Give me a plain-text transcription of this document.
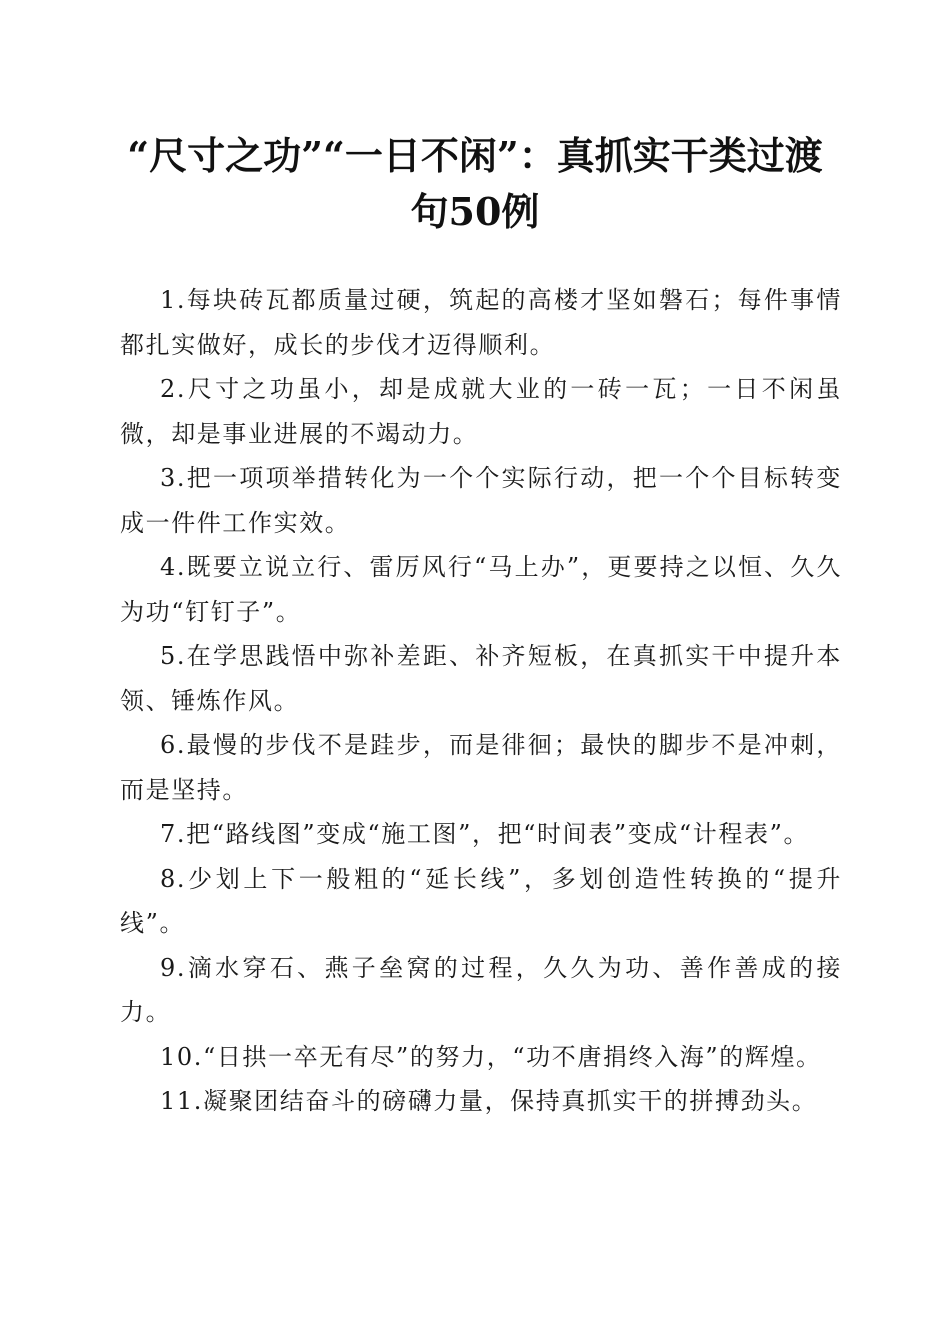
“尺寸之功”“一日不闲”：真抓实干类过渡
句50例

1.每块砖瓦都质量过硬，筑起的高楼才坚如磐石；每件事情都扎实做好，成长的步伐才迈得顺利。

2.尺寸之功虽小，却是成就大业的一砖一瓦；一日不闲虽微，却是事业进展的不竭动力。

3.把一项项举措转化为一个个实际行动，把一个个目标转变成一件件工作实效。

4.既要立说立行、雷厉风行“马上办”，更要持之以恒、久久为功“钉钉子”。

5.在学思践悟中弥补差距、补齐短板，在真抓实干中提升本领、锤炼作风。

6.最慢的步伐不是跬步，而是徘徊；最快的脚步不是冲刺，而是坚持。

7.把“路线图”变成“施工图”，把“时间表”变成“计程表”。

8.少划上下一般粗的“延长线”，多划创造性转换的“提升线”。

9.滴水穿石、燕子垒窝的过程，久久为功、善作善成的接力。

10.“日拱一卒无有尽”的努力，“功不唐捐终入海”的辉煌。

11.凝聚团结奋斗的磅礴力量，保持真抓实干的拼搏劲头。
